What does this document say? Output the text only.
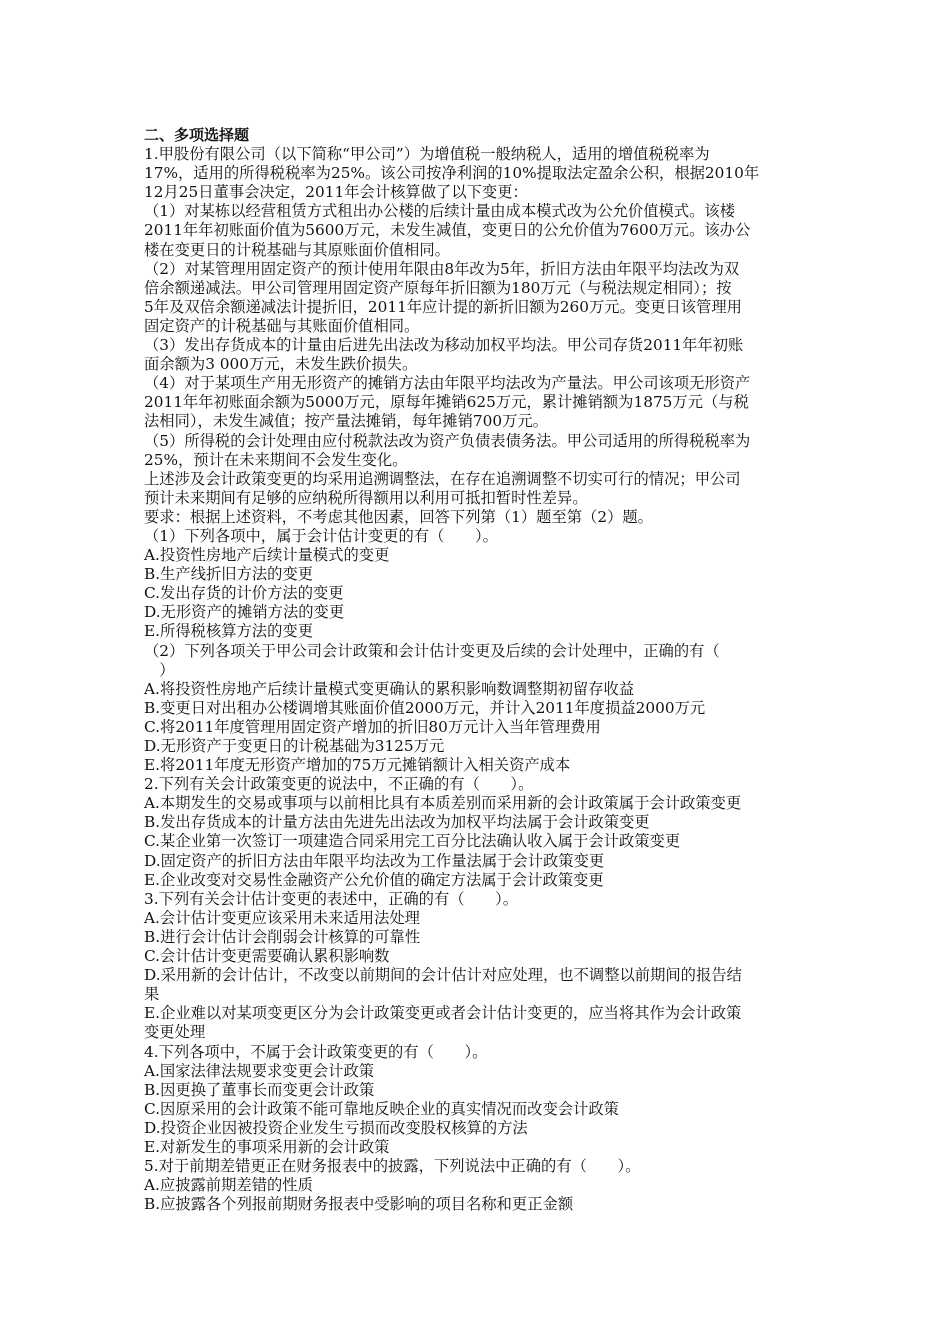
二、多项选择题
1.甲股份有限公司（以下简称“甲公司”）为增值税一般纳税人，适用的增值税税率为
17%，适用的所得税税率为25%。该公司按净利润的10%提取法定盈余公积，根据2010年
12月25日董事会决定，2011年会计核算做了以下变更：
（1）对某栋以经营租赁方式租出办公楼的后续计量由成本模式改为公允价值模式。该楼
2011年年初账面价值为5600万元，未发生减值，变更日的公允价值为7600万元。该办公
楼在变更日的计税基础与其原账面价值相同。
（2）对某管理用固定资产的预计使用年限由8年改为5年，折旧方法由年限平均法改为双
倍余额递减法。甲公司管理用固定资产原每年折旧额为180万元（与税法规定相同）；按
5年及双倍余额递减法计提折旧，2011年应计提的新折旧额为260万元。变更日该管理用
固定资产的计税基础与其账面价值相同。
（3）发出存货成本的计量由后进先出法改为移动加权平均法。甲公司存货2011年年初账
面余额为3 000万元，未发生跌价损失。
（4）对于某项生产用无形资产的摊销方法由年限平均法改为产量法。甲公司该项无形资产
2011年年初账面余额为5000万元，原每年摊销625万元，累计摊销额为1875万元（与税
法相同），未发生减值；按产量法摊销，每年摊销700万元。
（5）所得税的会计处理由应付税款法改为资产负债表债务法。甲公司适用的所得税税率为
25%，预计在未来期间不会发生变化。
上述涉及会计政策变更的均采用追溯调整法，在存在追溯调整不切实可行的情况；甲公司
预计未来期间有足够的应纳税所得额用以利用可抵扣暂时性差异。
要求：根据上述资料，不考虑其他因素，回答下列第（1）题至第（2）题。
（1）下列各项中，属于会计估计变更的有（　　）。
A.投资性房地产后续计量模式的变更
B.生产线折旧方法的变更
C.发出存货的计价方法的变更
D.无形资产的摊销方法的变更
E.所得税核算方法的变更
（2）下列各项关于甲公司会计政策和会计估计变更及后续的会计处理中，正确的有（
　）
A.将投资性房地产后续计量模式变更确认的累积影响数调整期初留存收益
B.变更日对出租办公楼调增其账面价值2000万元，并计入2011年度损益2000万元
C.将2011年度管理用固定资产增加的折旧80万元计入当年管理费用
D.无形资产于变更日的计税基础为3125万元
E.将2011年度无形资产增加的75万元摊销额计入相关资产成本
2.下列有关会计政策变更的说法中，不正确的有（　　）。
A.本期发生的交易或事项与以前相比具有本质差别而采用新的会计政策属于会计政策变更
B.发出存货成本的计量方法由先进先出法改为加权平均法属于会计政策变更
C.某企业第一次签订一项建造合同采用完工百分比法确认收入属于会计政策变更
D.固定资产的折旧方法由年限平均法改为工作量法属于会计政策变更
E.企业改变对交易性金融资产公允价值的确定方法属于会计政策变更
3.下列有关会计估计变更的表述中，正确的有（　　）。
A.会计估计变更应该采用未来适用法处理
B.进行会计估计会削弱会计核算的可靠性
C.会计估计变更需要确认累积影响数
D.采用新的会计估计，不改变以前期间的会计估计对应处理，也不调整以前期间的报告结
果
E.企业难以对某项变更区分为会计政策变更或者会计估计变更的，应当将其作为会计政策
变更处理
4.下列各项中，不属于会计政策变更的有（　　）。
A.国家法律法规要求变更会计政策
B.因更换了董事长而变更会计政策
C.因原采用的会计政策不能可靠地反映企业的真实情况而改变会计政策
D.投资企业因被投资企业发生亏损而改变股权核算的方法
E.对新发生的事项采用新的会计政策
5.对于前期差错更正在财务报表中的披露，下列说法中正确的有（　　）。
A.应披露前期差错的性质
B.应披露各个列报前期财务报表中受影响的项目名称和更正金额
